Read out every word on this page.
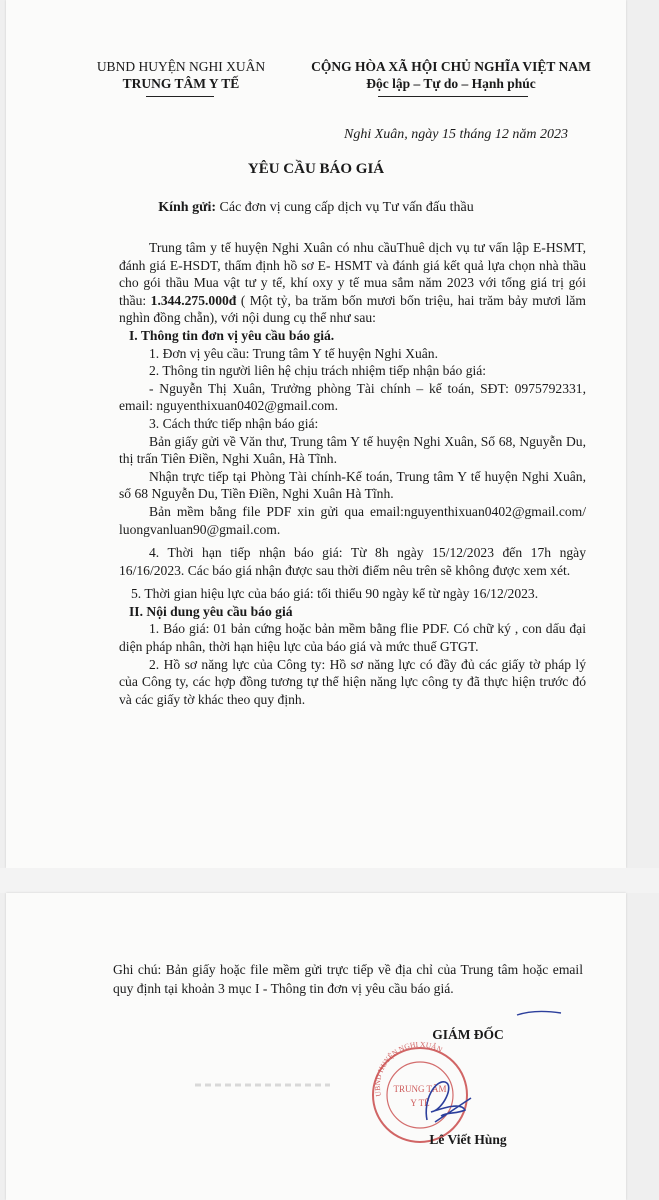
UBND HUYỆN NGHI XUÂN
TRUNG TÂM Y TẾ
CỘNG HÒA XÃ HỘI CHỦ NGHĨA VIỆT NAM
Độc lập – Tự do – Hạnh phúc
Nghi Xuân, ngày 15 tháng 12 năm 2023
YÊU CẦU BÁO GIÁ
Kính gửi: Các đơn vị cung cấp dịch vụ Tư vấn đấu thầu

Trung tâm y tế huyện Nghi Xuân có nhu cầuThuê dịch vụ tư vấn lập E-HSMT, đánh giá E-HSDT, thẩm định hồ sơ E- HSMT và đánh giá kết quả lựa chọn nhà thầu cho gói thầu Mua vật tư y tế, khí oxy y tế mua sắm năm 2023 với tổng giá trị gói thầu: 1.344.275.000đ ( Một tỷ, ba trăm bốn mươi bốn triệu, hai trăm bảy mươi lăm nghìn đồng chẵn), với nội dung cụ thể như sau:

I. Thông tin đơn vị yêu cầu báo giá.

1. Đơn vị yêu cầu: Trung tâm Y tế huyện Nghi Xuân.

2. Thông tin người liên hệ chịu trách nhiệm tiếp nhận báo giá:

- Nguyễn Thị Xuân, Trưởng phòng Tài chính – kế toán, SĐT: 0975792331, email: nguyenthixuan0402@gmail.com.

3. Cách thức tiếp nhận báo giá:

Bản giấy gửi về Văn thư, Trung tâm Y tế huyện Nghi Xuân, Số 68, Nguyễn Du, thị trấn Tiên Điền, Nghi Xuân, Hà Tĩnh.

Nhận trực tiếp tại Phòng Tài chính-Kế toán, Trung tâm Y tế huyện Nghi Xuân, số 68 Nguyễn Du, Tiền Điền, Nghi Xuân Hà Tĩnh.

Bản mềm bằng file PDF xin gửi qua email:nguyenthixuan0402@gmail.com/ luongvanluan90@gmail.com.

4. Thời hạn tiếp nhận báo giá: Từ 8h ngày 15/12/2023 đến 17h ngày 16/16/2023. Các báo giá nhận được sau thời điểm nêu trên sẽ không được xem xét.

5. Thời gian hiệu lực của báo giá: tối thiểu 90 ngày kể từ ngày 16/12/2023.

II. Nội dung yêu cầu báo giá

1. Báo giá: 01 bản cứng hoặc bản mềm bằng flie PDF. Có chữ ký , con dấu đại diện pháp nhân, thời hạn hiệu lực của báo giá và mức thuế GTGT.

2. Hồ sơ năng lực của Công ty: Hồ sơ năng lực có đầy đủ các giấy tờ pháp lý của Công ty, các hợp đồng tương tự thể hiện năng lực công ty đã thực hiện trước đó và các giấy tờ khác theo quy định.

Ghi chú: Bản giấy hoặc file mềm gửi trực tiếp về địa chỉ của Trung tâm hoặc email quy định tại khoản 3 mục I - Thông tin đơn vị yêu cầu báo giá.
GIÁM ĐỐC
UBND HUYỆN NGHI XUÂN
TRUNG TÂM
Y TẾ
Lê Viết Hùng
